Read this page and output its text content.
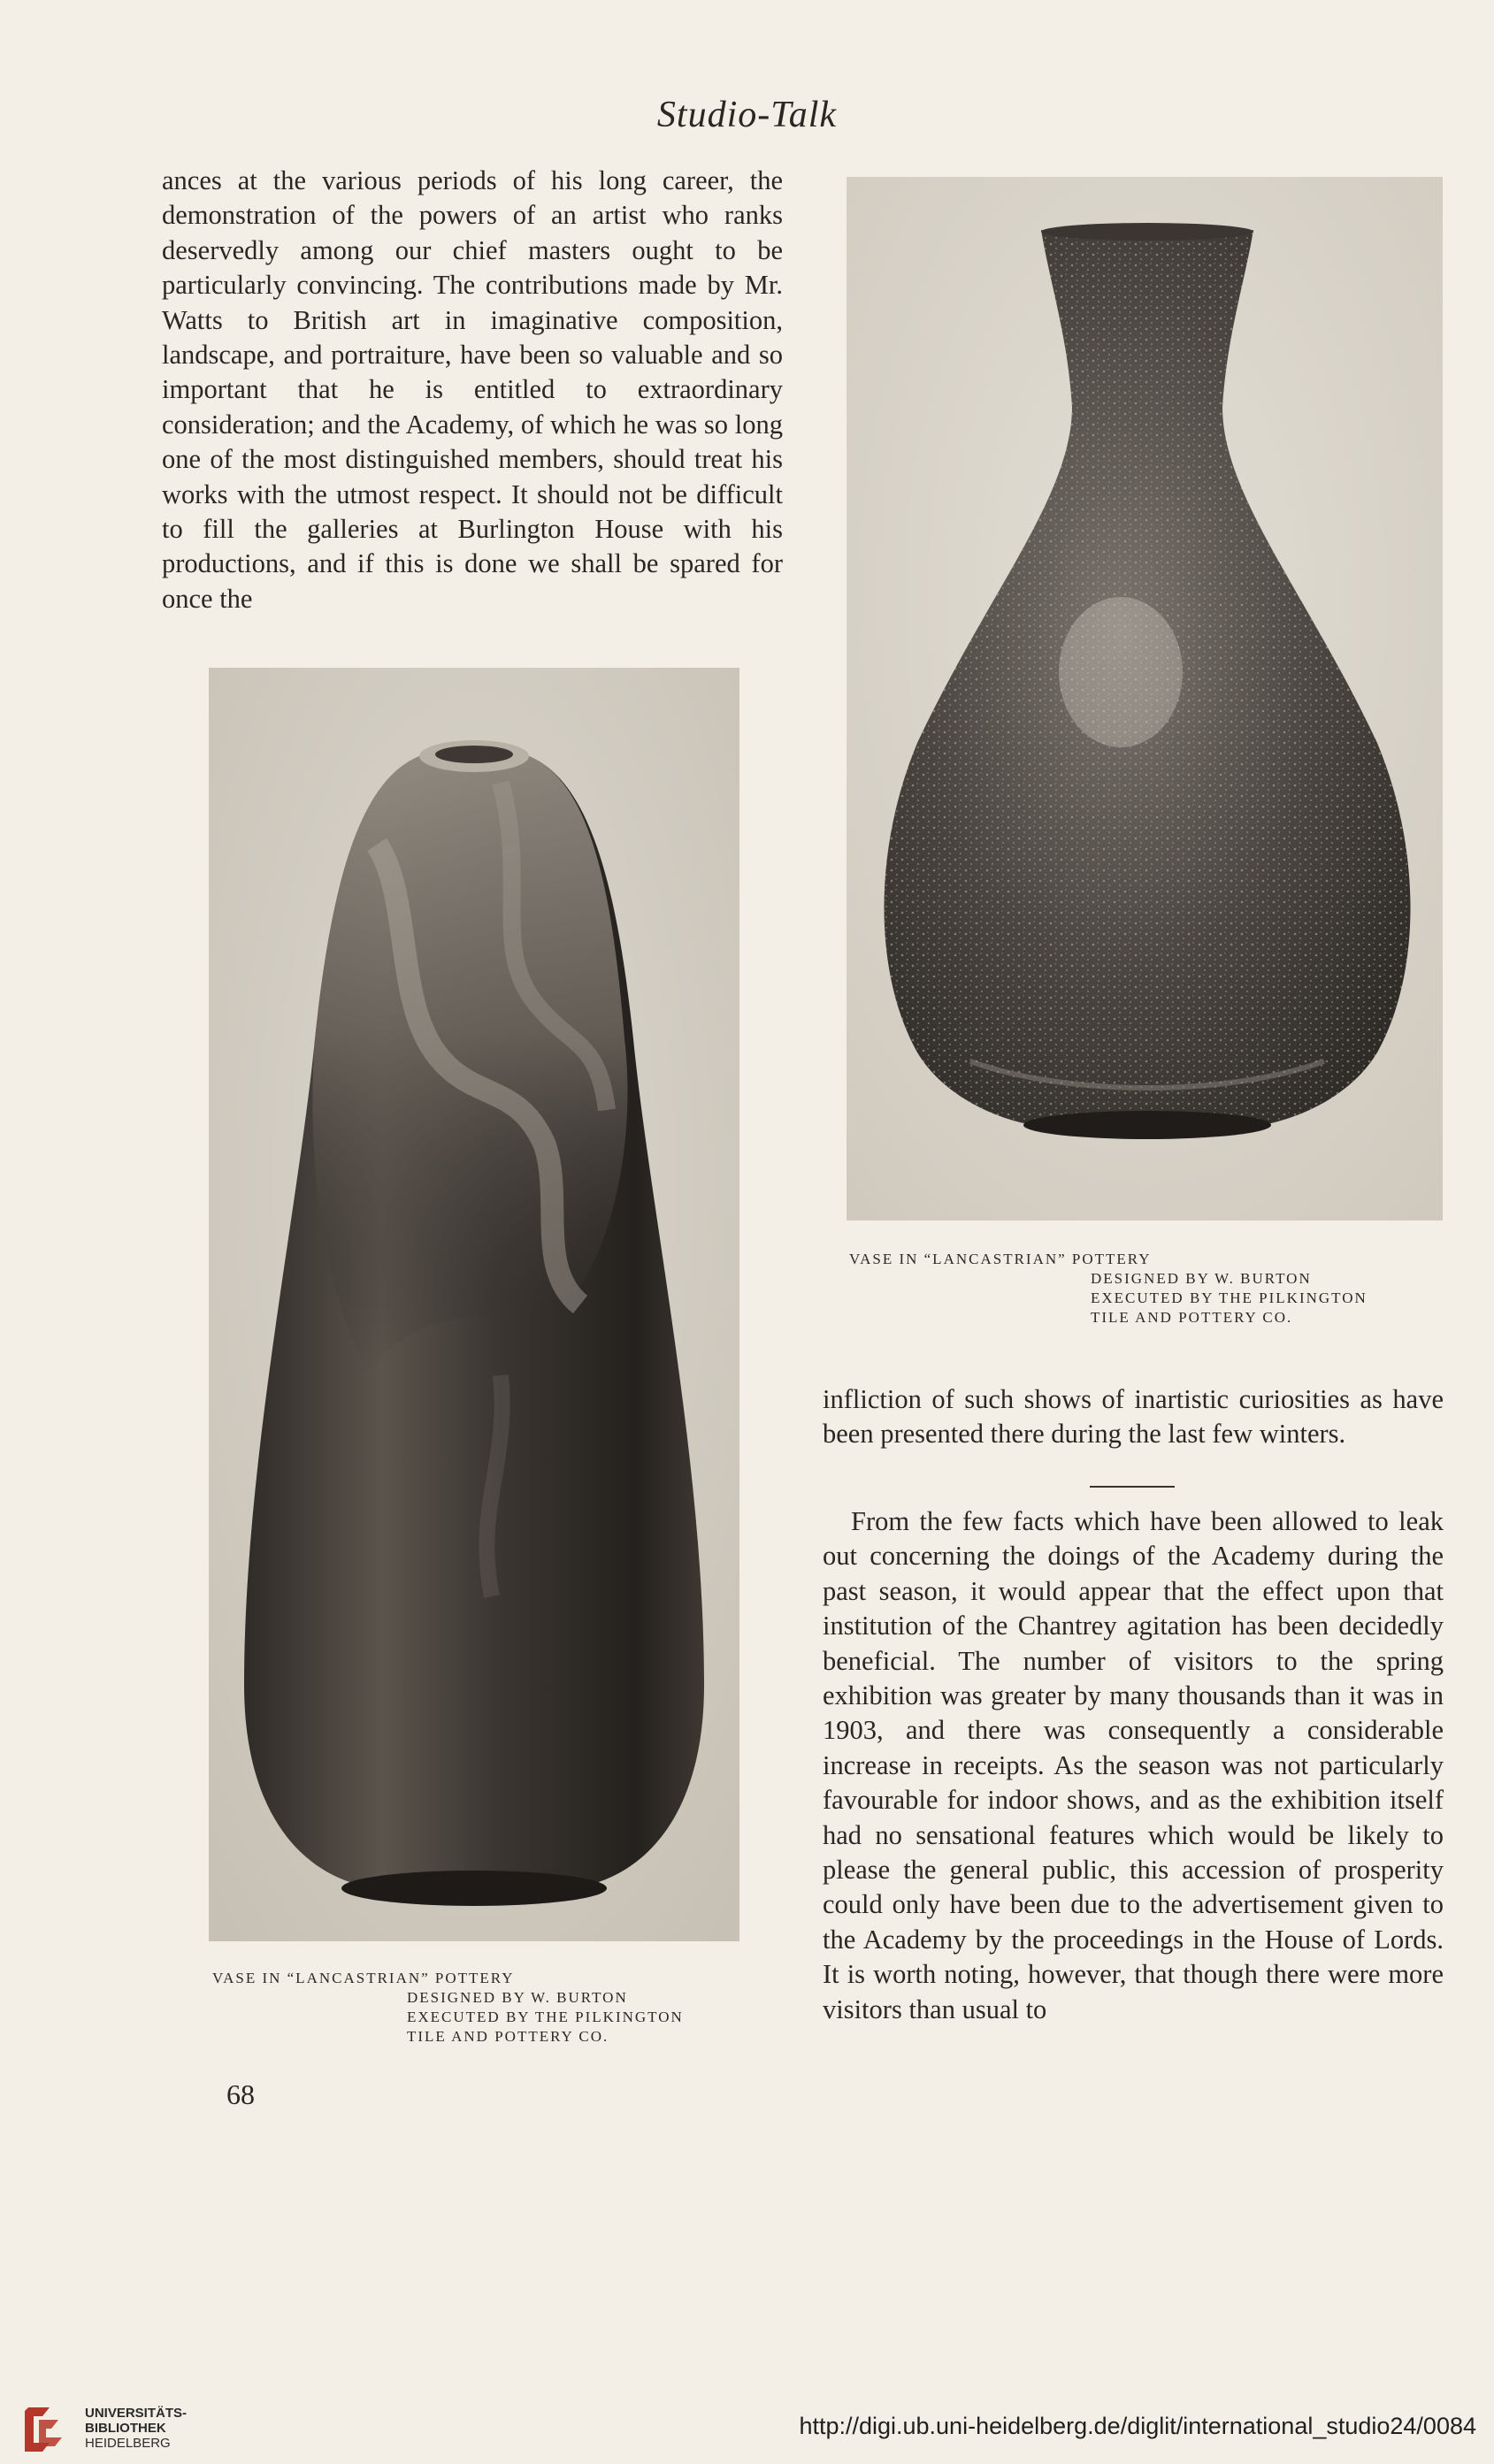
Studio-Talk

ances at the various periods of his long career, the demonstration of the powers of an artist who ranks deservedly among our chief masters ought to be particularly convincing. The contributions made by Mr. Watts to British art in imaginative composition, landscape, and portraiture, have been so valuable and so important that he is entitled to extraordinary consideration; and the Academy, of which he was so long one of the most distinguished members, should treat his works with the utmost respect. It should not be difficult to fill the galleries at Burlington House with his productions, and if this is done we shall be spared for once the

VASE IN “LANCASTRIAN” POTTERY
DESIGNED BY W. BURTON
EXECUTED BY THE PILKINGTON
TILE AND POTTERY CO.
VASE IN “LANCASTRIAN” POTTERY
DESIGNED BY W. BURTON
EXECUTED BY THE PILKINGTON
TILE AND POTTERY CO.

infliction of such shows of inartistic curiosities as have been presented there during the last few winters.

From the few facts which have been allowed to leak out concerning the doings of the Academy during the past season, it would appear that the effect upon that institution of the Chantrey agitation has been decidedly beneficial. The number of visitors to the spring exhibition was greater by many thousands than it was in 1903, and there was consequently a considerable increase in receipts. As the season was not particularly favourable for indoor shows, and as the exhibition itself had no sensational features which would be likely to please the general public, this accession of prosperity could only have been due to the advertisement given to the Academy by the proceedings in the House of Lords. It is worth noting, however, that though there were more visitors than usual to

68
UNIVERSITÄTS-
BIBLIOTHEK
HEIDELBERG
http://digi.ub.uni-heidelberg.de/diglit/international_studio24/0084
